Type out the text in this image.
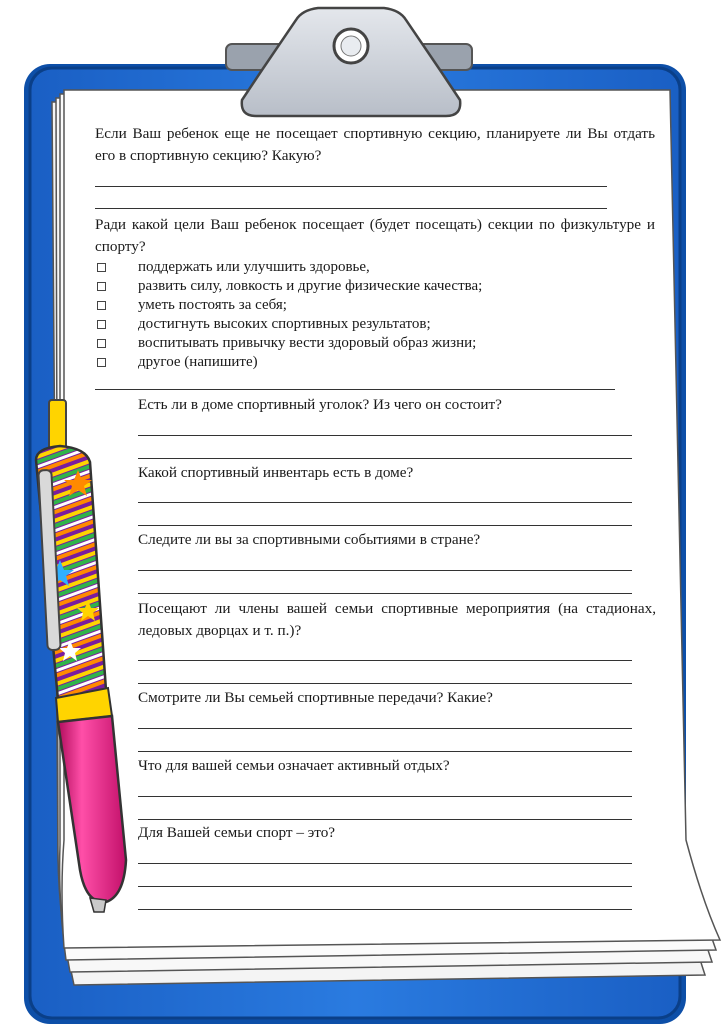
Если Ваш ребенок еще не посещает спортивную секцию, планируете ли Вы отдать его в спортивную секцию? Какую?

Ради какой цели Ваш ребенок посещает (будет посещать) секции по физкультуре и спорту?

поддержать или улучшить здоровье,
развить силу, ловкость и другие физические качества;
уметь постоять за себя;
достигнуть высоких спортивных результатов;
воспитывать привычку вести здоровый образ жизни;
другое (напишите)

Есть ли в доме спортивный уголок? Из чего он состоит?

Какой спортивный инвентарь есть в доме?

Следите ли вы за спортивными событиями в стране?

Посещают ли члены вашей семьи спортивные мероприятия (на стадионах, ледовых дворцах и т. п.)?

Смотрите ли Вы семьей спортивные передачи? Какие?

Что для вашей семьи означает активный отдых?

Для Вашей семьи спорт – это?
